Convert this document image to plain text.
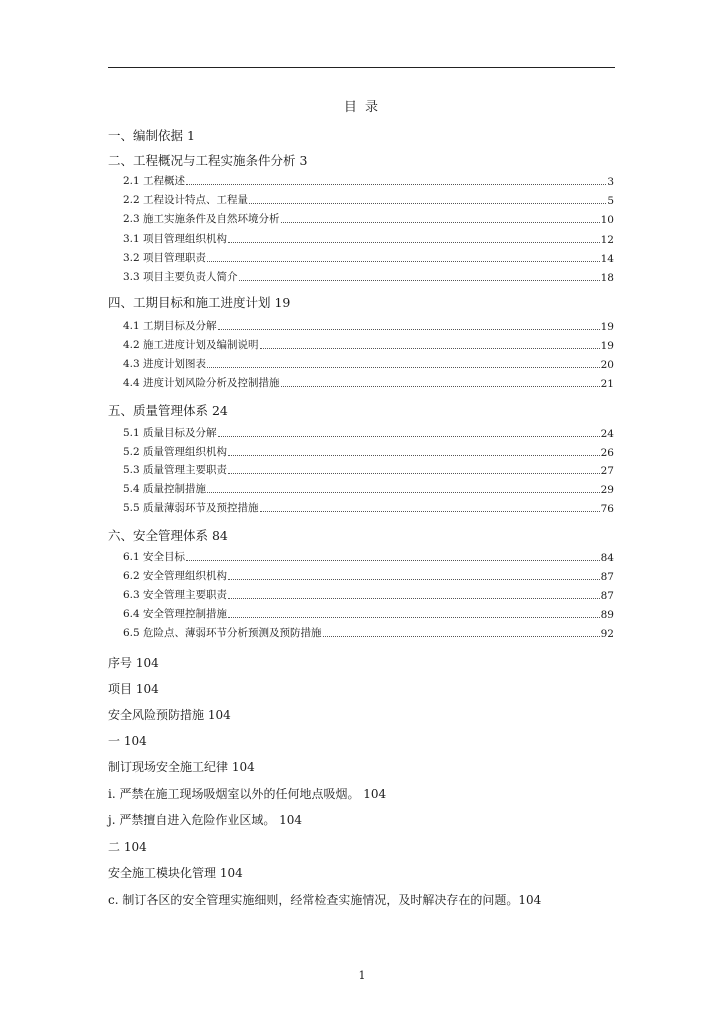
目 录
一、编制依据 1
二、工程概况与工程实施条件分析 3
2.1 工程概述	3
2.2 工程设计特点、工程量	5
2.3 施工实施条件及自然环境分析	10
3.1 项目管理组织机构	12
3.2 项目管理职责	14
3.3 项目主要负责人简介	18
四、工期目标和施工进度计划 19
4.1 工期目标及分解	19
4.2 施工进度计划及编制说明	19
4.3 进度计划图表	20
4.4 进度计划风险分析及控制措施	21
五、质量管理体系 24
5.1 质量目标及分解	24
5.2 质量管理组织机构	26
5.3 质量管理主要职责	27
5.4 质量控制措施	29
5.5 质量薄弱环节及预控措施	76
六、安全管理体系 84
6.1 安全目标	84
6.2 安全管理组织机构	87
6.3 安全管理主要职责	87
6.4 安全管理控制措施	89
6.5 危险点、薄弱环节分析预测及预防措施	92
序号 104
项目 104
安全风险预防措施 104
一 104
制订现场安全施工纪律 104
i. 严禁在施工现场吸烟室以外的任何地点吸烟。 104
j. 严禁擅自进入危险作业区域。 104
二 104
安全施工模块化管理 104
c. 制订各区的安全管理实施细则，经常检查实施情况，及时解决存在的问题。104
1
